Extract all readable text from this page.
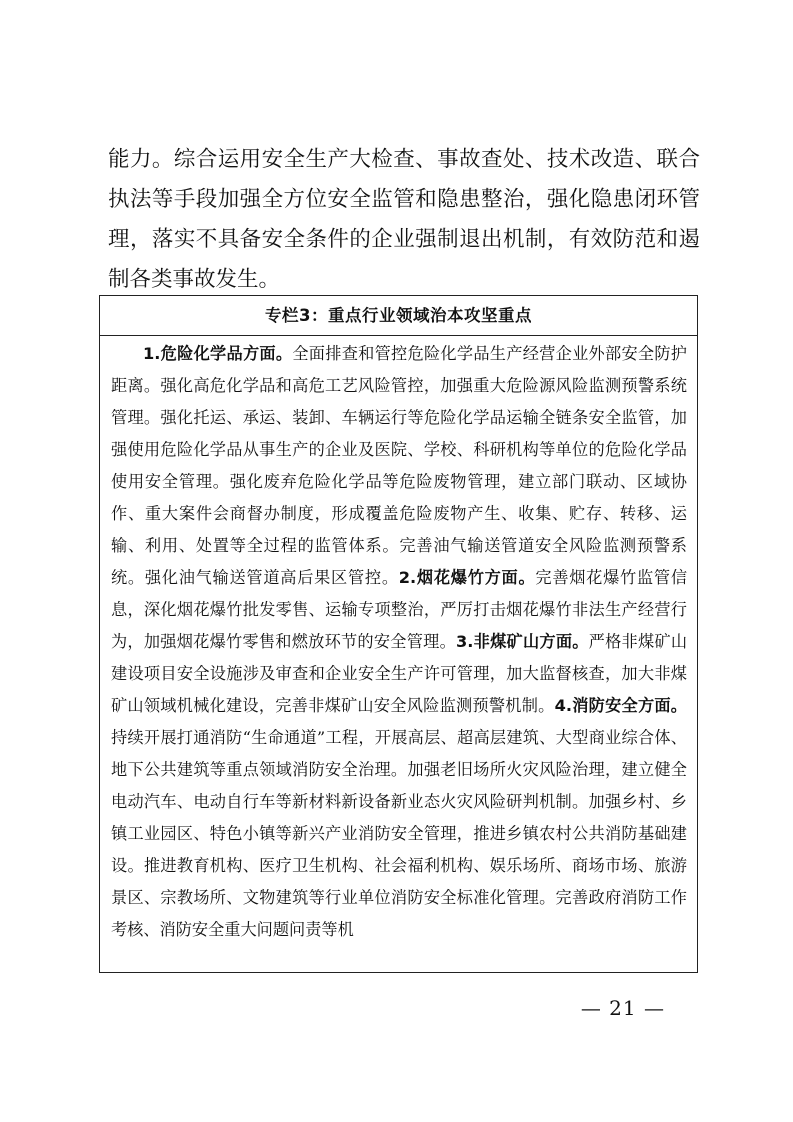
能力。综合运用安全生产大检查、事故查处、技术改造、联合执法等手段加强全方位安全监管和隐患整治，强化隐患闭环管理，落实不具备安全条件的企业强制退出机制，有效防范和遏制各类事故发生。

专栏3：重点行业领域治本攻坚重点

1.危险化学品方面。全面排查和管控危险化学品生产经营企业外部安全防护距离。强化高危化学品和高危工艺风险管控，加强重大危险源风险监测预警系统管理。强化托运、承运、装卸、车辆运行等危险化学品运输全链条安全监管，加强使用危险化学品从事生产的企业及医院、学校、科研机构等单位的危险化学品使用安全管理。强化废弃危险化学品等危险废物管理，建立部门联动、区域协作、重大案件会商督办制度，形成覆盖危险废物产生、收集、贮存、转移、运输、利用、处置等全过程的监管体系。完善油气输送管道安全风险监测预警系统。强化油气输送管道高后果区管控。2.烟花爆竹方面。完善烟花爆竹监管信息，深化烟花爆竹批发零售、运输专项整治，严厉打击烟花爆竹非法生产经营行为，加强烟花爆竹零售和燃放环节的安全管理。3.非煤矿山方面。严格非煤矿山建设项目安全设施涉及审查和企业安全生产许可管理，加大监督核查，加大非煤矿山领域机械化建设，完善非煤矿山安全风险监测预警机制。4.消防安全方面。持续开展打通消防“生命通道”工程，开展高层、超高层建筑、大型商业综合体、地下公共建筑等重点领域消防安全治理。加强老旧场所火灾风险治理，建立健全电动汽车、电动自行车等新材料新设备新业态火灾风险研判机制。加强乡村、乡镇工业园区、特色小镇等新兴产业消防安全管理，推进乡镇农村公共消防基础建设。推进教育机构、医疗卫生机构、社会福利机构、娱乐场所、商场市场、旅游景区、宗教场所、文物建筑等行业单位消防安全标准化管理。完善政府消防工作考核、消防安全重大问题问责等机

— 21 —
